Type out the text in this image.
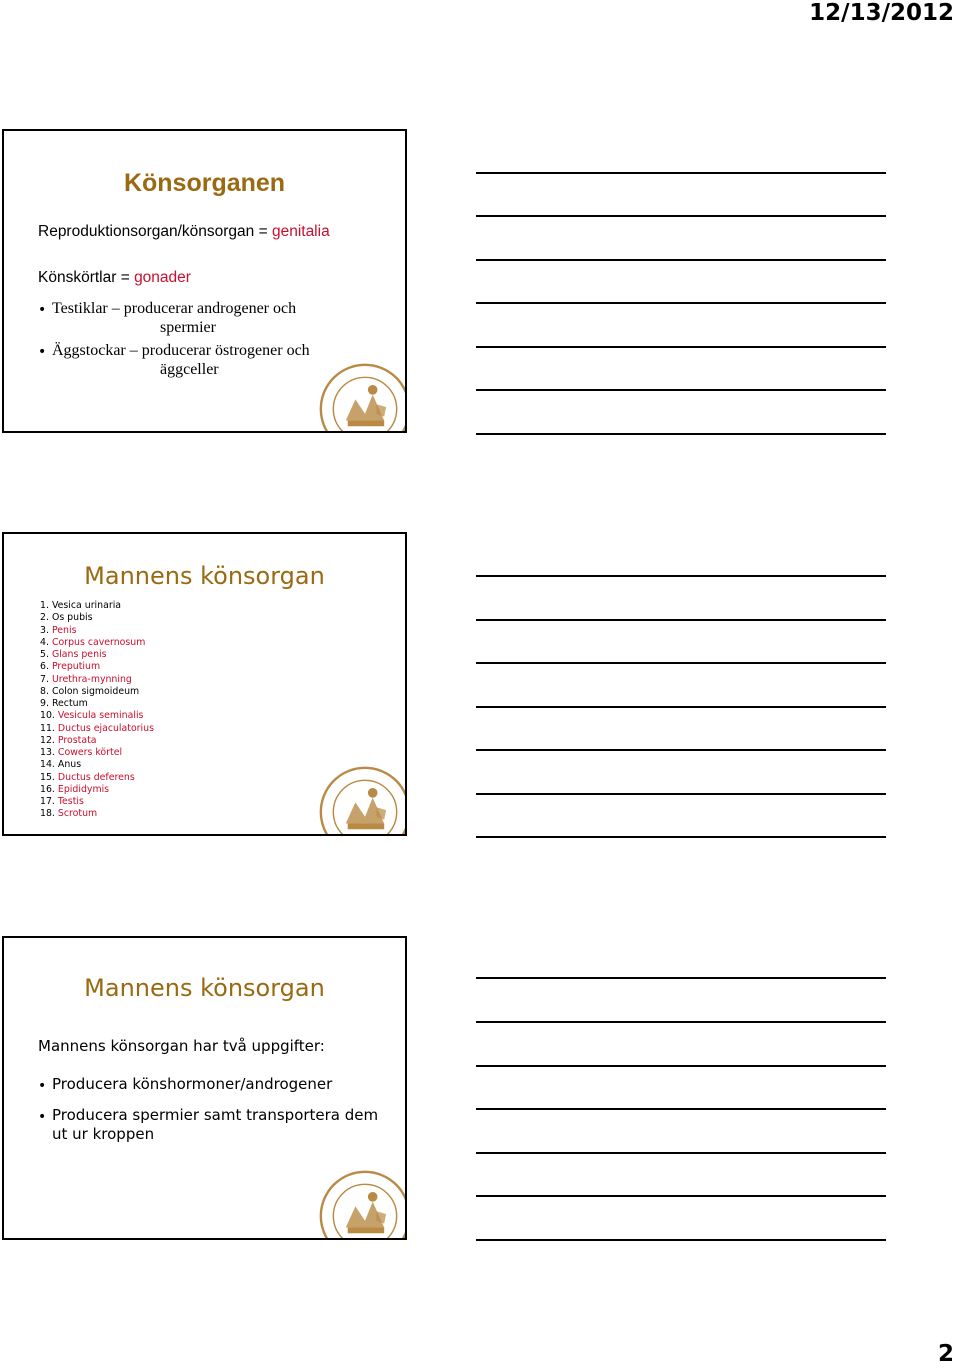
12/13/2012
Könsorganen
Reproduktionsorgan/könsorgan = genitalia
Könskörtlar = gonader
• Testiklar – producerar androgener och
spermier
• Äggstockar – producerar östrogener och
äggceller
Mannens könsorgan
1. Vesica urinaria
2. Os pubis
3. Penis
4. Corpus cavernosum
5. Glans penis
6. Preputium
7. Urethra-mynning
8. Colon sigmoideum
9. Rectum
10. Vesicula seminalis
11. Ductus ejaculatorius
12. Prostata
13. Cowers körtel
14. Anus
15. Ductus deferens
16. Epididymis
17. Testis
18. Scrotum
Mannens könsorgan
Mannens könsorgan har två uppgifter:
• Producera könshormoner/androgener
• Producera spermier samt transportera dem
ut ur kroppen
2
